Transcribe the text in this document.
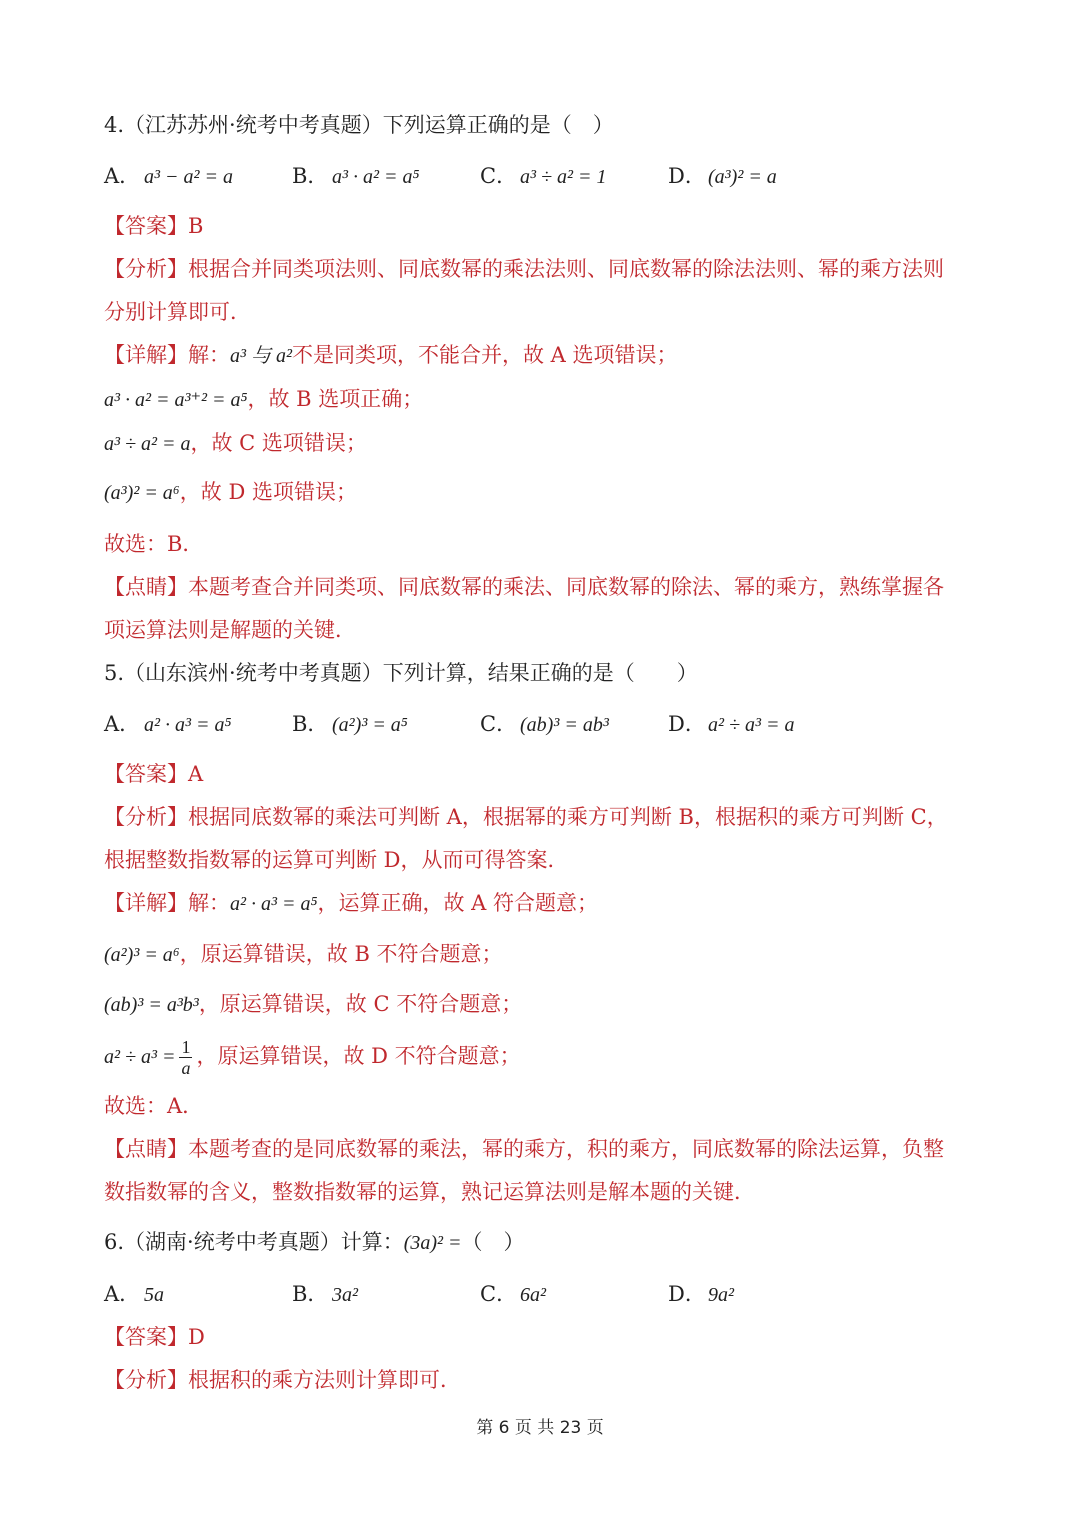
4.（江苏苏州·统考中考真题）下列运算正确的是（　）
A． a³ − a² = a	B． a³ · a² = a⁵	C． a³ ÷ a² = 1	D． (a³)² = a
【答案】B
【分析】根据合并同类项法则、同底数幂的乘法法则、同底数幂的除法法则、幂的乘方法则
分别计算即可．
【详解】解：a³ 与 a²不是同类项，不能合并，故 A 选项错误；
a³ · a² = a³⁺² = a⁵，故 B 选项正确；
a³ ÷ a² = a，故 C 选项错误；
(a³)² = a⁶，故 D 选项错误；
故选：B．
【点睛】本题考查合并同类项、同底数幂的乘法、同底数幂的除法、幂的乘方，熟练掌握各
项运算法则是解题的关键．
5.（山东滨州·统考中考真题）下列计算，结果正确的是（　　）
A． a² · a³ = a⁵	B． (a²)³ = a⁵	C． (ab)³ = ab³	D． a² ÷ a³ = a
【答案】A
【分析】根据同底数幂的乘法可判断 A，根据幂的乘方可判断 B，根据积的乘方可判断 C，
根据整数指数幂的运算可判断 D，从而可得答案．
【详解】解：a² · a³ = a⁵，运算正确，故 A 符合题意；
(a²)³ = a⁶，原运算错误，故 B 不符合题意；
(ab)³ = a³b³，原运算错误，故 C 不符合题意；
$a^2 \div a^3 = \frac{1}{a}$ ，原运算错误，故 D 不符合题意；
故选：A．
【点睛】本题考查的是同底数幂的乘法，幂的乘方，积的乘方，同底数幂的除法运算，负整
数指数幂的含义，整数指数幂的运算，熟记运算法则是解本题的关键．
6.（湖南·统考中考真题）计算：(3a)² =（　）
A． 5a	B． 3a²	C． 6a²	D． 9a²
【答案】D
【分析】根据积的乘方法则计算即可．
第 6 页 共 23 页
